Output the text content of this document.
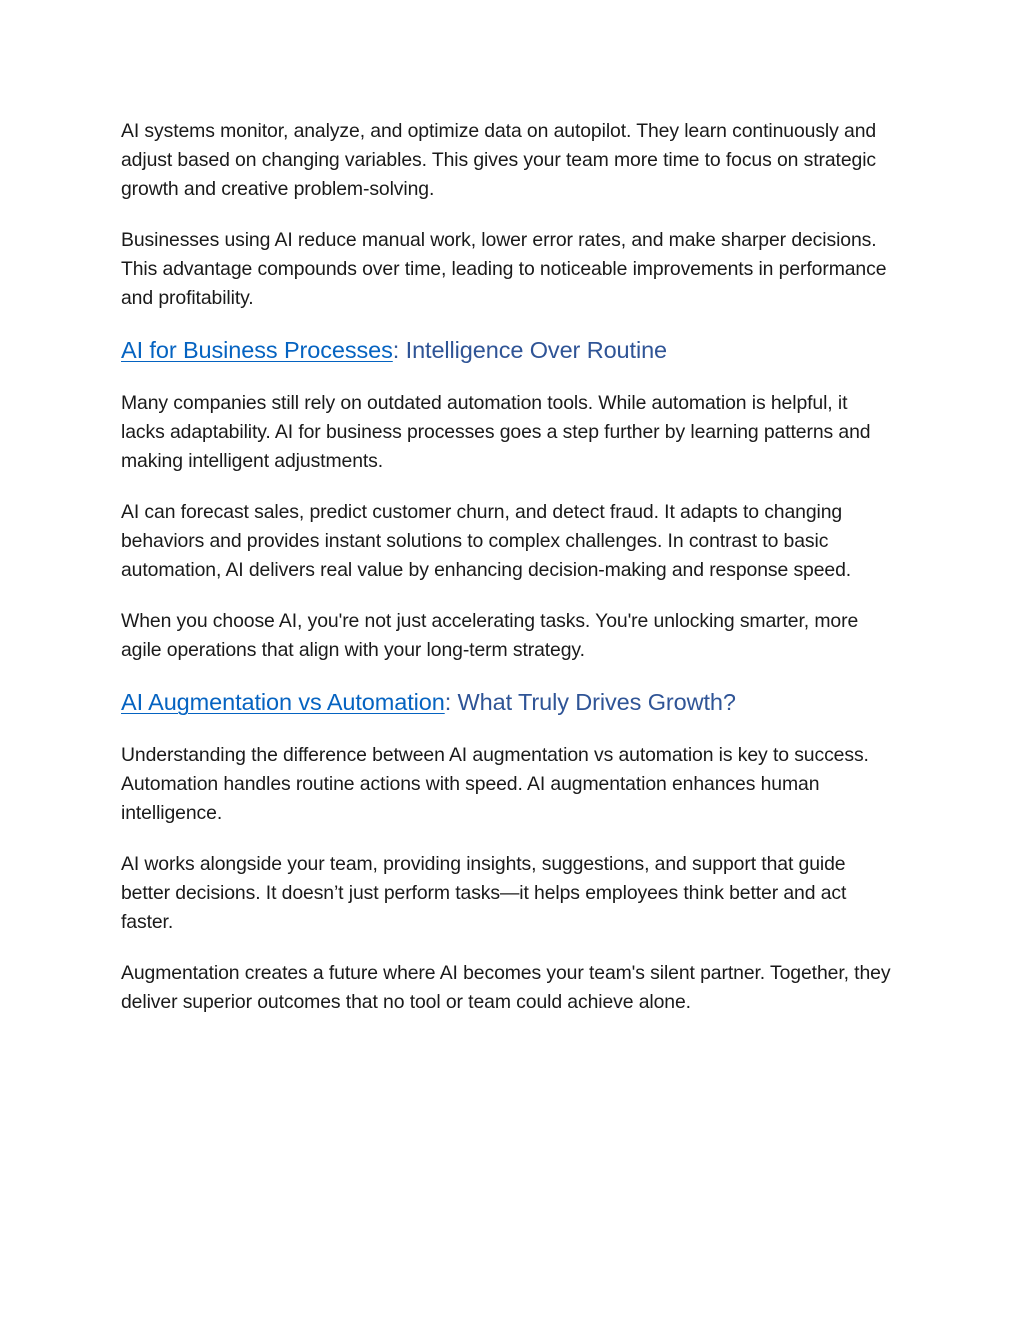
AI systems monitor, analyze, and optimize data on autopilot. They learn continuously and adjust based on changing variables. This gives your team more time to focus on strategic growth and creative problem-solving.

Businesses using AI reduce manual work, lower error rates, and make sharper decisions. This advantage compounds over time, leading to noticeable improvements in performance and profitability.

AI for Business Processes: Intelligence Over Routine

Many companies still rely on outdated automation tools. While automation is helpful, it lacks adaptability. AI for business processes goes a step further by learning patterns and making intelligent adjustments.

AI can forecast sales, predict customer churn, and detect fraud. It adapts to changing behaviors and provides instant solutions to complex challenges. In contrast to basic automation, AI delivers real value by enhancing decision-making and response speed.

When you choose AI, you're not just accelerating tasks. You're unlocking smarter, more agile operations that align with your long-term strategy.

AI Augmentation vs Automation: What Truly Drives Growth?

Understanding the difference between AI augmentation vs automation is key to success. Automation handles routine actions with speed. AI augmentation enhances human intelligence.

AI works alongside your team, providing insights, suggestions, and support that guide better decisions. It doesn’t just perform tasks—it helps employees think better and act faster.

Augmentation creates a future where AI becomes your team's silent partner. Together, they deliver superior outcomes that no tool or team could achieve alone.
